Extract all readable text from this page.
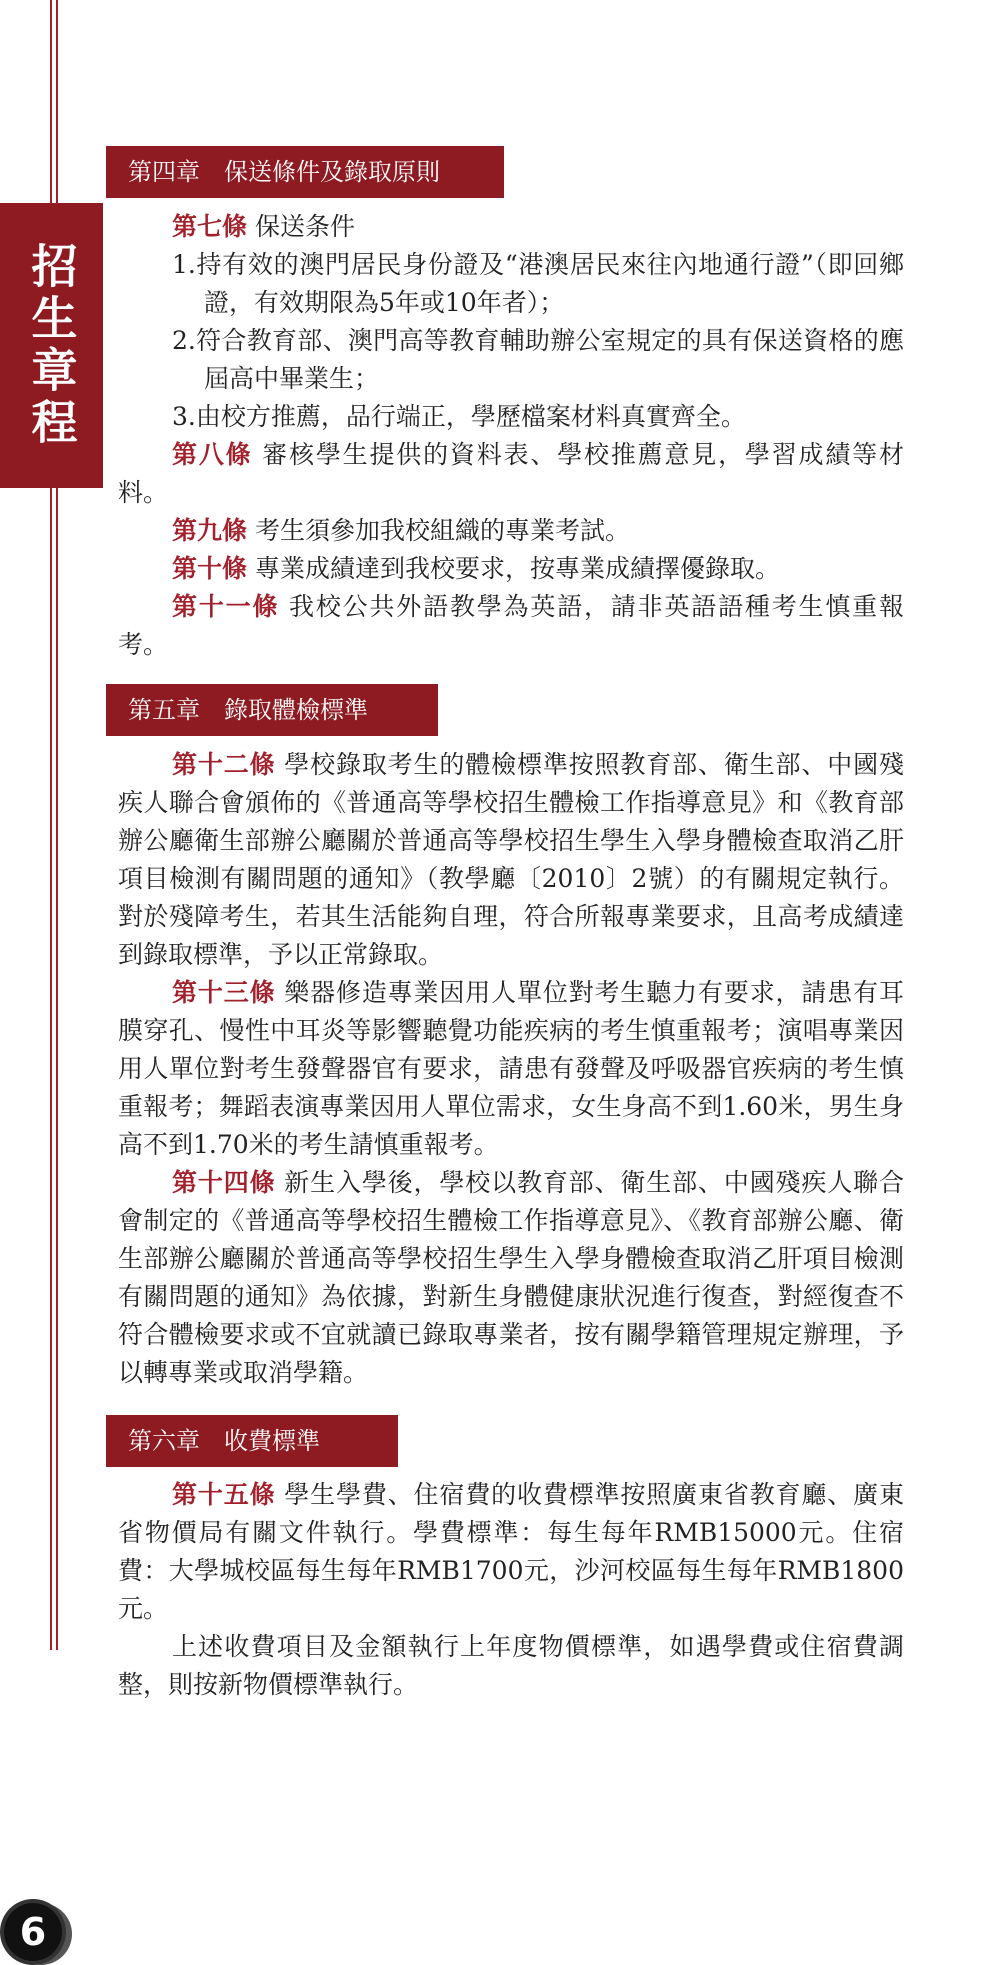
招生章程
第四章　保送條件及錄取原則

第七條 保送条件

1.持有效的澳門居民身份證及“港澳居民來往內地通行證”（即回鄉證，有效期限為5年或10年者）；

2.符合教育部、澳門高等教育輔助辦公室規定的具有保送資格的應屆高中畢業生；

3.由校方推薦，品行端正，學歷檔案材料真實齊全。

第八條 審核學生提供的資料表、學校推薦意見，學習成績等材料。

第九條 考生須參加我校組織的專業考試。

第十條 專業成績達到我校要求，按專業成績擇優錄取。

第十一條 我校公共外語教學為英語，請非英語語種考生慎重報考。

第五章　錄取體檢標準

第十二條 學校錄取考生的體檢標準按照教育部、衛生部、中國殘疾人聯合會頒佈的《普通高等學校招生體檢工作指導意見》和《教育部辦公廳衛生部辦公廳關於普通高等學校招生學生入學身體檢查取消乙肝項目檢測有關問題的通知》（教學廳〔2010〕2號）的有關規定執行。對於殘障考生，若其生活能夠自理，符合所報專業要求，且高考成績達到錄取標準，予以正常錄取。

第十三條 樂器修造專業因用人單位對考生聽力有要求，請患有耳膜穿孔、慢性中耳炎等影響聽覺功能疾病的考生慎重報考；演唱專業因用人單位對考生發聲器官有要求，請患有發聲及呼吸器官疾病的考生慎重報考；舞蹈表演專業因用人單位需求，女生身高不到1.60米，男生身高不到1.70米的考生請慎重報考。

第十四條 新生入學後，學校以教育部、衛生部、中國殘疾人聯合會制定的《普通高等學校招生體檢工作指導意見》、《教育部辦公廳、衛生部辦公廳關於普通高等學校招生學生入學身體檢查取消乙肝項目檢測有關問題的通知》為依據，對新生身體健康狀況進行復查，對經復查不符合體檢要求或不宜就讀已錄取專業者，按有關學籍管理規定辦理，予以轉專業或取消學籍。

第六章　收費標準

第十五條 學生學費、住宿費的收費標準按照廣東省教育廳、廣東省物價局有關文件執行。學費標準：每生每年RMB15000元。住宿費：大學城校區每生每年RMB1700元，沙河校區每生每年RMB1800元。

上述收費項目及金額執行上年度物價標準，如遇學費或住宿費調整，則按新物價標準執行。

6
